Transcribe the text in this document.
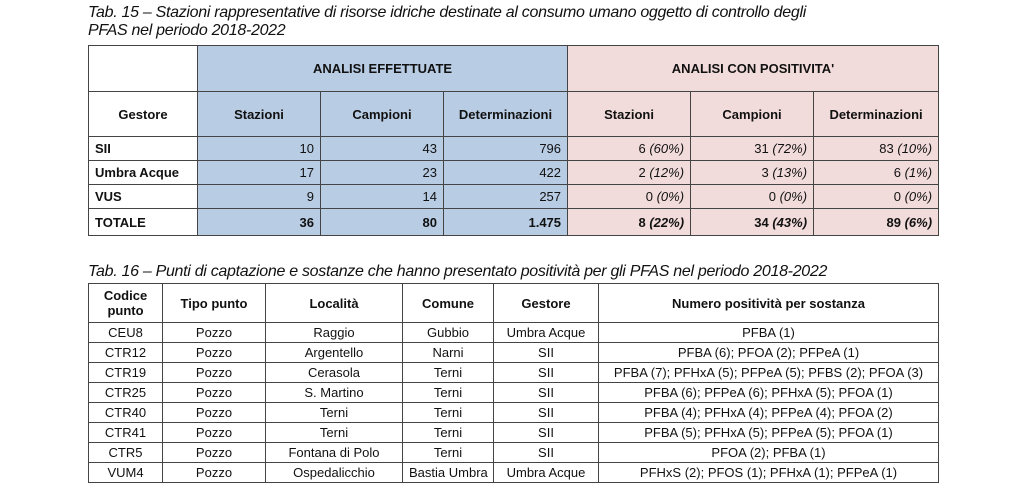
Tab. 15 – Stazioni rappresentative di risorse idriche destinate al consumo umano oggetto di controllo degli
PFAS nel periodo 2018-2022
	ANALISI EFFETTUATE			ANALISI CON POSITIVITA'		
Gestore	Stazioni	Campioni	Determinazioni	Stazioni	Campioni	Determinazioni
SII	10	43	796	6 (60%)	31 (72%)	83 (10%)
Umbra Acque	17	23	422	2 (12%)	3 (13%)	6 (1%)
VUS	9	14	257	0 (0%)	0 (0%)	0 (0%)
TOTALE	36	80	1.475	8 (22%)	34 (43%)	89 (6%)
Tab. 16 – Punti di captazione e sostanze che hanno presentato positività per gli PFAS nel periodo 2018-2022
Codice punto	Tipo punto	Località	Comune	Gestore	Numero positività per sostanza
CEU8	Pozzo	Raggio	Gubbio	Umbra Acque	PFBA (1)
CTR12	Pozzo	Argentello	Narni	SII	PFBA (6); PFOA (2); PFPeA (1)
CTR19	Pozzo	Cerasola	Terni	SII	PFBA (7); PFHxA (5); PFPeA (5); PFBS (2); PFOA (3)
CTR25	Pozzo	S. Martino	Terni	SII	PFBA (6); PFPeA (6); PFHxA (5); PFOA (1)
CTR40	Pozzo	Terni	Terni	SII	PFBA (4); PFHxA (4); PFPeA (4); PFOA (2)
CTR41	Pozzo	Terni	Terni	SII	PFBA (5); PFHxA (5); PFPeA (5); PFOA (1)
CTR5	Pozzo	Fontana di Polo	Terni	SII	PFOA (2); PFBA (1)
VUM4	Pozzo	Ospedalicchio	Bastia Umbra	Umbra Acque	PFHxS (2); PFOS (1); PFHxA (1); PFPeA (1)
